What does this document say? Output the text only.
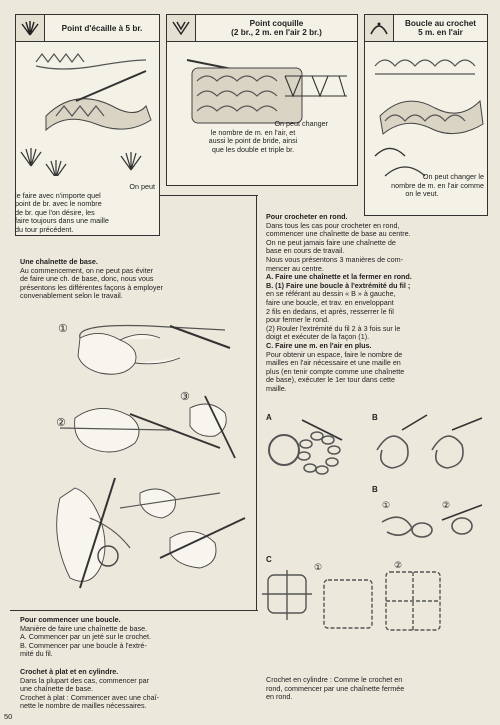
Point d'écaille à 5 br.
On peut
le faire avec n'importe quel
point de br. avec le nombre
de br. que l'on désire, les
faire toujours dans une maille
du tour précédent.
Point coquille
(2 br., 2 m. en l'air 2 br.)
On peut changer
le nombre de m. en l'air, et
aussi le point de bride, ainsi
que les double et triple br.
Boucle au crochet
5 m. en l'air
On peut changer le
nombre de m. en l'air comme
on le veut.
Une chaînette de base.
Au commencement, on ne peut pas éviter
de faire une ch. de base, donc, nous vous
présentons les différentes façons à employer
convenablement selon le travail.
①
②
③
Pour crocheter en rond.
Dans tous les cas pour crocheter en rond,
commencer une chaînette de base au centre.
On ne peut jamais faire une chaînette de
base en cours de travail.
Nous vous présentons 3 manières de com-
mencer au centre.
A. Faire une chaînette et la fermer en rond.
B. (1) Faire une boucle à l'extrémité du fil ;
en se référant au dessin « B » à gauche,
faire une boucle, et trav. en enveloppant
2 fils en dedans, et après, resserrer le fil
pour fermer le rond.
(2) Rouler l'extrémité du fil 2 à 3 fois sur le
doigt et exécuter de la façon (1).
C. Faire une m. en l'air en plus.
Pour obtenir un espace, faire le nombre de
mailles en l'air nécessaire et une maille en
plus (en tenir compte comme une chaînette
de base), exécuter le 1er tour dans cette
maille.
A	B
B
①	②
C
①	②
Pour commencer une boucle.
Manière de faire une chaînette de base.
A. Commencer par un jeté sur le crochet.
B. Commencer par une boucle à l'extré-
mité du fil.
Crochet à plat et en cylindre.
Dans la plupart des cas, commencer par
une chaînette de base.
Crochet à plat : Commencer avec une chaî-
nette le nombre de mailles nécessaires.
Crochet en cylindre : Comme le crochet en
rond, commencer par une chaînette fermée
en rond.
50
